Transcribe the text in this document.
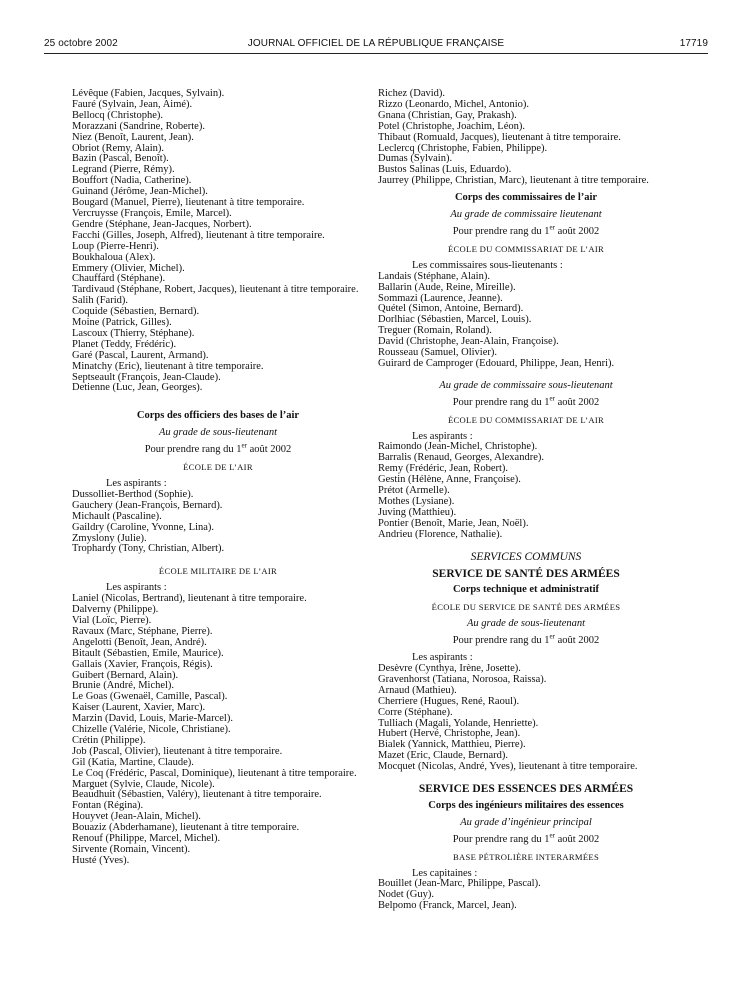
25 octobre 2002	JOURNAL OFFICIEL DE LA RÉPUBLIQUE FRANÇAISE	17719
Lévêque (Fabien, Jacques, Sylvain).
Fauré (Sylvain, Jean, Aimé).
Bellocq (Christophe).
Morazzani (Sandrine, Roberte).
Niez (Benoît, Laurent, Jean).
Obriot (Remy, Alain).
Bazin (Pascal, Benoît).
Legrand (Pierre, Rémy).
Bouffort (Nadia, Catherine).
Guinand (Jérôme, Jean-Michel).
Bougard (Manuel, Pierre), lieutenant à titre temporaire.
Vercruysse (François, Emile, Marcel).
Gendre (Stéphane, Jean-Jacques, Norbert).
Facchi (Gilles, Joseph, Alfred), lieutenant à titre temporaire.
Loup (Pierre-Henri).
Boukhaloua (Alex).
Emmery (Olivier, Michel).
Chauffard (Stéphane).
Tardivaud (Stéphane, Robert, Jacques), lieutenant à titre temporaire.
Salih (Farid).
Coquide (Sébastien, Bernard).
Moine (Patrick, Gilles).
Lascoux (Thierry, Stéphane).
Planet (Teddy, Frédéric).
Garé (Pascal, Laurent, Armand).
Minatchy (Eric), lieutenant à titre temporaire.
Septseault (François, Jean-Claude).
Detienne (Luc, Jean, Georges).
Corps des officiers des bases de l’air
Au grade de sous-lieutenant
Pour prendre rang du 1er août 2002
ÉCOLE DE L’AIR
Les aspirants :
Dussolliet-Berthod (Sophie).
Gauchery (Jean-François, Bernard).
Michault (Pascaline).
Gaildry (Caroline, Yvonne, Lina).
Zmyslony (Julie).
Trophardy (Tony, Christian, Albert).
ÉCOLE MILITAIRE DE L’AIR
Les aspirants :
Laniel (Nicolas, Bertrand), lieutenant à titre temporaire.
Dalverny (Philippe).
Vial (Loïc, Pierre).
Ravaux (Marc, Stéphane, Pierre).
Angelotti (Benoît, Jean, André).
Bitault (Sébastien, Emile, Maurice).
Gallais (Xavier, François, Régis).
Guibert (Bernard, Alain).
Brunie (André, Michel).
Le Goas (Gwenaël, Camille, Pascal).
Kaiser (Laurent, Xavier, Marc).
Marzin (David, Louis, Marie-Marcel).
Chizelle (Valérie, Nicole, Christiane).
Crétin (Philippe).
Job (Pascal, Olivier), lieutenant à titre temporaire.
Gil (Katia, Martine, Claude).
Le Coq (Frédéric, Pascal, Dominique), lieutenant à titre temporaire.
Marguet (Sylvie, Claude, Nicole).
Beaudhuit (Sébastien, Valéry), lieutenant à titre temporaire.
Fontan (Régina).
Houyvet (Jean-Alain, Michel).
Bouaziz (Abderhamane), lieutenant à titre temporaire.
Renouf (Philippe, Marcel, Michel).
Sirvente (Romain, Vincent).
Husté (Yves).
Richez (David).
Rizzo (Leonardo, Michel, Antonio).
Gnana (Christian, Gay, Prakash).
Potel (Christophe, Joachim, Léon).
Thibaut (Romuald, Jacques), lieutenant à titre temporaire.
Leclercq (Christophe, Fabien, Philippe).
Dumas (Sylvain).
Bustos Salinas (Luis, Eduardo).
Jaurrey (Philippe, Christian, Marc), lieutenant à titre temporaire.
Corps des commissaires de l’air
Au grade de commissaire lieutenant
Pour prendre rang du 1er août 2002
ÉCOLE DU COMMISSARIAT DE L’AIR
Les commissaires sous-lieutenants :
Landais (Stéphane, Alain).
Ballarin (Aude, Reine, Mireille).
Sommazi (Laurence, Jeanne).
Quétel (Simon, Antoine, Bernard).
Dorlhiac (Sébastien, Marcel, Louis).
Treguer (Romain, Roland).
David (Christophe, Jean-Alain, Françoise).
Rousseau (Samuel, Olivier).
Guirard de Camproger (Edouard, Philippe, Jean, Henri).
Au grade de commissaire sous-lieutenant
Pour prendre rang du 1er août 2002
ÉCOLE DU COMMISSARIAT DE L’AIR
Les aspirants :
Raimondo (Jean-Michel, Christophe).
Barralis (Renaud, Georges, Alexandre).
Remy (Frédéric, Jean, Robert).
Gestin (Hélène, Anne, Françoise).
Prétot (Armelle).
Mothes (Lysiane).
Juving (Matthieu).
Pontier (Benoît, Marie, Jean, Noël).
Andrieu (Florence, Nathalie).
SERVICES COMMUNS
SERVICE DE SANTÉ DES ARMÉES
Corps technique et administratif
ÉCOLE DU SERVICE DE SANTÉ DES ARMÉES
Au grade de sous-lieutenant
Pour prendre rang du 1er août 2002
Les aspirants :
Desèvre (Cynthya, Irène, Josette).
Gravenhorst (Tatiana, Norosoa, Raissa).
Arnaud (Mathieu).
Cherriere (Hugues, René, Raoul).
Corre (Stéphane).
Tulliach (Magali, Yolande, Henriette).
Hubert (Hervé, Christophe, Jean).
Bialek (Yannick, Matthieu, Pierre).
Mazet (Eric, Claude, Bernard).
Mocquet (Nicolas, André, Yves), lieutenant à titre temporaire.
SERVICE DES ESSENCES DES ARMÉES
Corps des ingénieurs militaires des essences
Au grade d’ingénieur principal
Pour prendre rang du 1er août 2002
BASE PÉTROLIÈRE INTERARMÉES
Les capitaines :
Bouillet (Jean-Marc, Philippe, Pascal).
Nodet (Guy).
Belpomo (Franck, Marcel, Jean).
